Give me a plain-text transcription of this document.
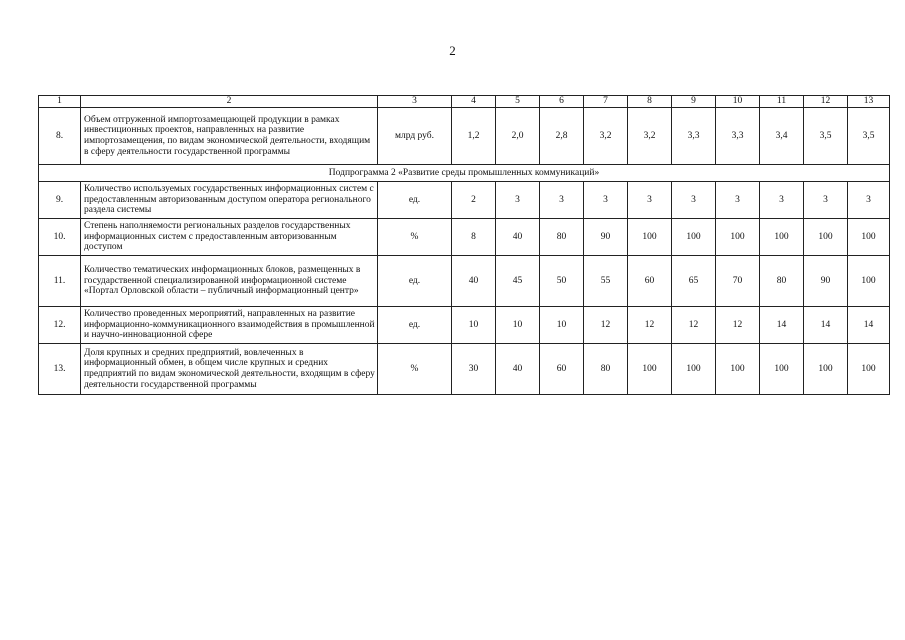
2
1	2	3	4	5	6	7	8	9	10	11	12	13
8.	Объем отгруженной импортозамещающей продукции в рамках инвестиционных проектов, направленных на развитие импортозамещения, по видам экономической деятельности, входящим в сферу деятельности государственной программы	млрд руб.	1,2	2,0	2,8	3,2	3,2	3,3	3,3	3,4	3,5	3,5
Подпрограмма 2 «Развитие среды промышленных коммуникаций»												
9.	Количество используемых государственных информационных систем с предоставленным авторизованным доступом оператора регионального раздела системы	ед.	2	3	3	3	3	3	3	3	3	3
10.	Степень наполняемости региональных разделов государственных информационных систем с предоставленным авторизованным доступом	%	8	40	80	90	100	100	100	100	100	100
11.	Количество тематических информационных блоков, размещенных в государственной специализированной информационной системе «Портал Орловской области – публичный информационный центр»	ед.	40	45	50	55	60	65	70	80	90	100
12.	Количество проведенных мероприятий, направленных на развитие информационно-коммуникационного взаимодействия в промышленной и научно-инновационной сфере	ед.	10	10	10	12	12	12	12	14	14	14
13.	Доля крупных и средних предприятий, вовлеченных в информационный обмен, в общем числе крупных и средних предприятий по видам экономической деятельности, входящим в сферу деятельности государственной программы	%	30	40	60	80	100	100	100	100	100	100
